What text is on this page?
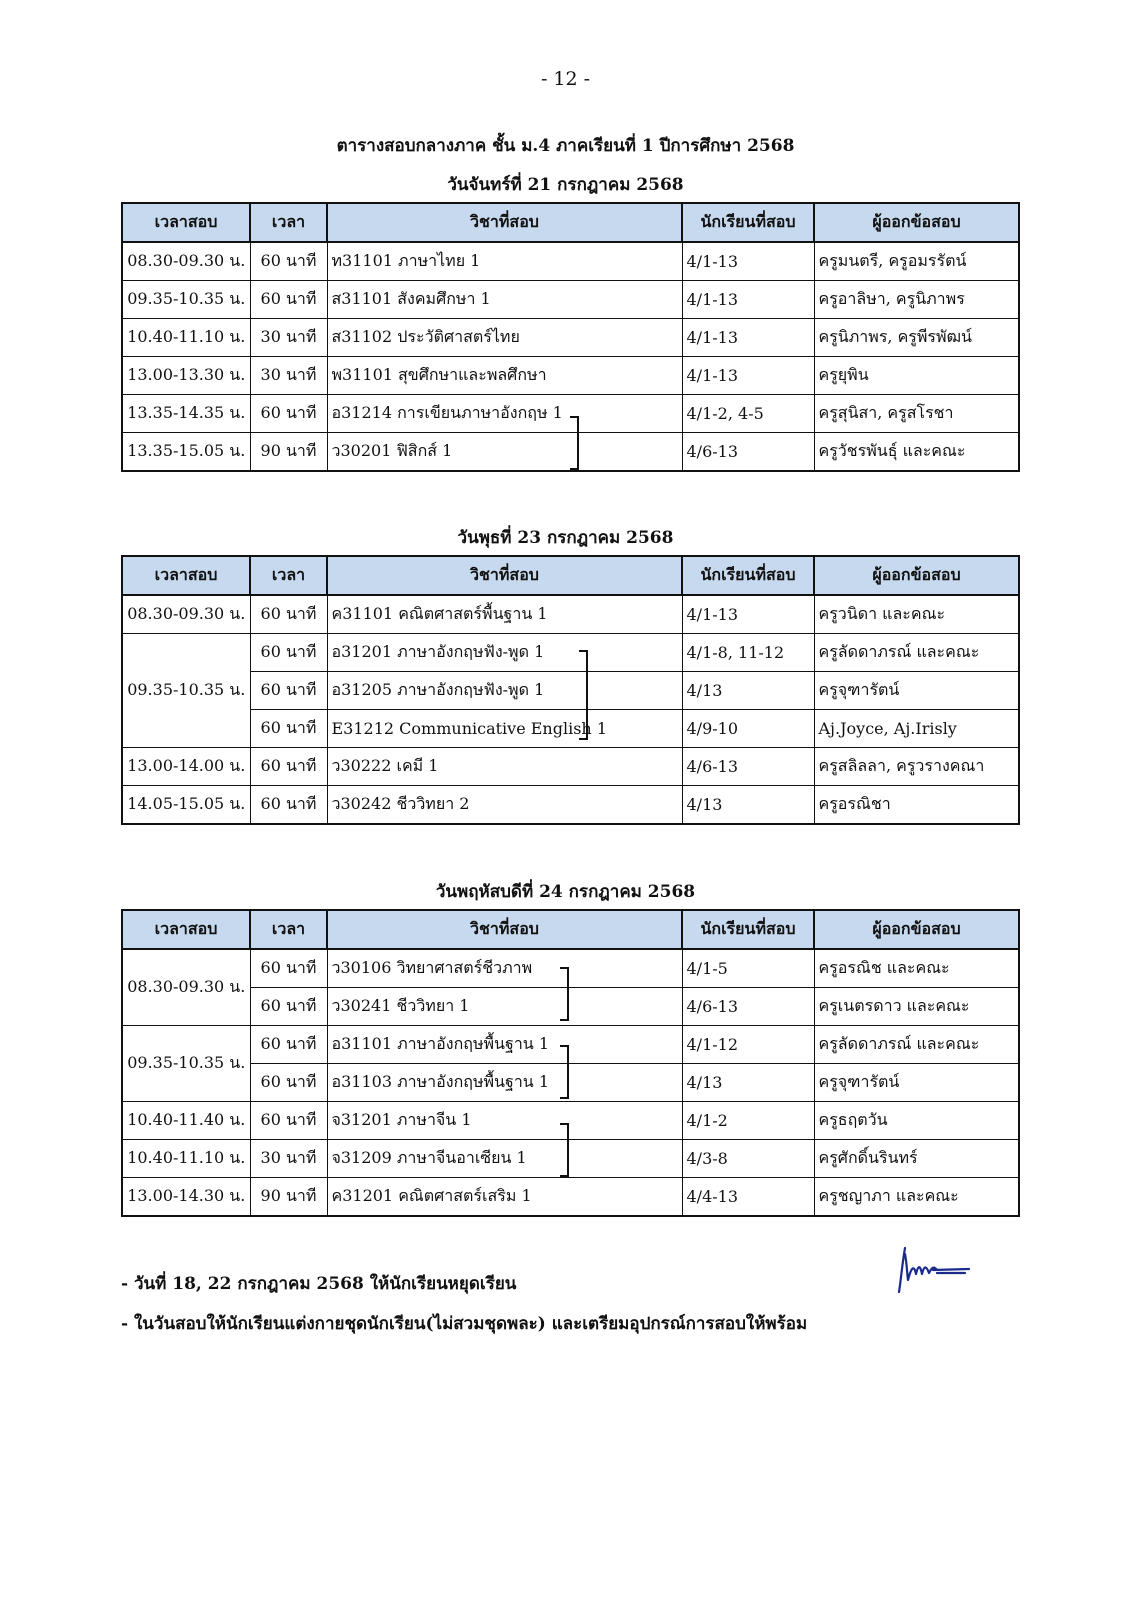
- 12 -
ตารางสอบกลางภาค ชั้น ม.4 ภาคเรียนที่ 1 ปีการศึกษา 2568
วันจันทร์ที่ 21 กรกฎาคม 2568
เวลาสอบ	เวลา	วิชาที่สอบ	นักเรียนที่สอบ	ผู้ออกข้อสอบ
08.30-09.30 น.	60 นาที	ท31101 ภาษาไทย 1	4/1-13	ครูมนตรี, ครูอมรรัตน์
09.35-10.35 น.	60 นาที	ส31101 สังคมศึกษา 1	4/1-13	ครูอาลิษา, ครูนิภาพร
10.40-11.10 น.	30 นาที	ส31102 ประวัติศาสตร์ไทย	4/1-13	ครูนิภาพร, ครูพีรพัฒน์
13.00-13.30 น.	30 นาที	พ31101 สุขศึกษาและพลศึกษา	4/1-13	ครูยุพิน
13.35-14.35 น.	60 นาที	อ31214 การเขียนภาษาอังกฤษ 1	4/1-2, 4-5	ครูสุนิสา, ครูสโรชา
13.35-15.05 น.	90 นาที	ว30201 ฟิสิกส์ 1	4/6-13	ครูวัชรพันธุ์ และคณะ
วันพุธที่ 23 กรกฎาคม 2568
เวลาสอบ	เวลา	วิชาที่สอบ	นักเรียนที่สอบ	ผู้ออกข้อสอบ
08.30-09.30 น.	60 นาที	ค31101 คณิตศาสตร์พื้นฐาน 1	4/1-13	ครูวนิดา และคณะ
09.35-10.35 น.	60 นาที	อ31201 ภาษาอังกฤษฟัง-พูด 1	4/1-8, 11-12	ครูลัดดาภรณ์ และคณะ
	60 นาที	อ31205 ภาษาอังกฤษฟัง-พูด 1	4/13	ครูจุฑารัตน์
	60 นาที	E31212 Communicative English 1	4/9-10	Aj.Joyce, Aj.Irisly
13.00-14.00 น.	60 นาที	ว30222 เคมี 1	4/6-13	ครูสลิลลา, ครูวรางคณา
14.05-15.05 น.	60 นาที	ว30242 ชีววิทยา 2	4/13	ครูอรณิชา
วันพฤหัสบดีที่ 24 กรกฎาคม 2568
เวลาสอบ	เวลา	วิชาที่สอบ	นักเรียนที่สอบ	ผู้ออกข้อสอบ
08.30-09.30 น.	60 นาที	ว30106 วิทยาศาสตร์ชีวภาพ	4/1-5	ครูอรณิช และคณะ
	60 นาที	ว30241 ชีววิทยา 1	4/6-13	ครูเนตรดาว และคณะ
09.35-10.35 น.	60 นาที	อ31101 ภาษาอังกฤษพื้นฐาน 1	4/1-12	ครูลัดดาภรณ์ และคณะ
	60 นาที	อ31103 ภาษาอังกฤษพื้นฐาน 1	4/13	ครูจุฑารัตน์
10.40-11.40 น.	60 นาที	จ31201 ภาษาจีน 1	4/1-2	ครูธฤตวัน
10.40-11.10 น.	30 นาที	จ31209 ภาษาจีนอาเซียน 1	4/3-8	ครูศักดิ์นรินทร์
13.00-14.30 น.	90 นาที	ค31201 คณิตศาสตร์เสริม 1	4/4-13	ครูชญาภา และคณะ
- วันที่ 18, 22 กรกฎาคม 2568 ให้นักเรียนหยุดเรียน
- ในวันสอบให้นักเรียนแต่งกายชุดนักเรียน(ไม่สวมชุดพละ) และเตรียมอุปกรณ์การสอบให้พร้อม
